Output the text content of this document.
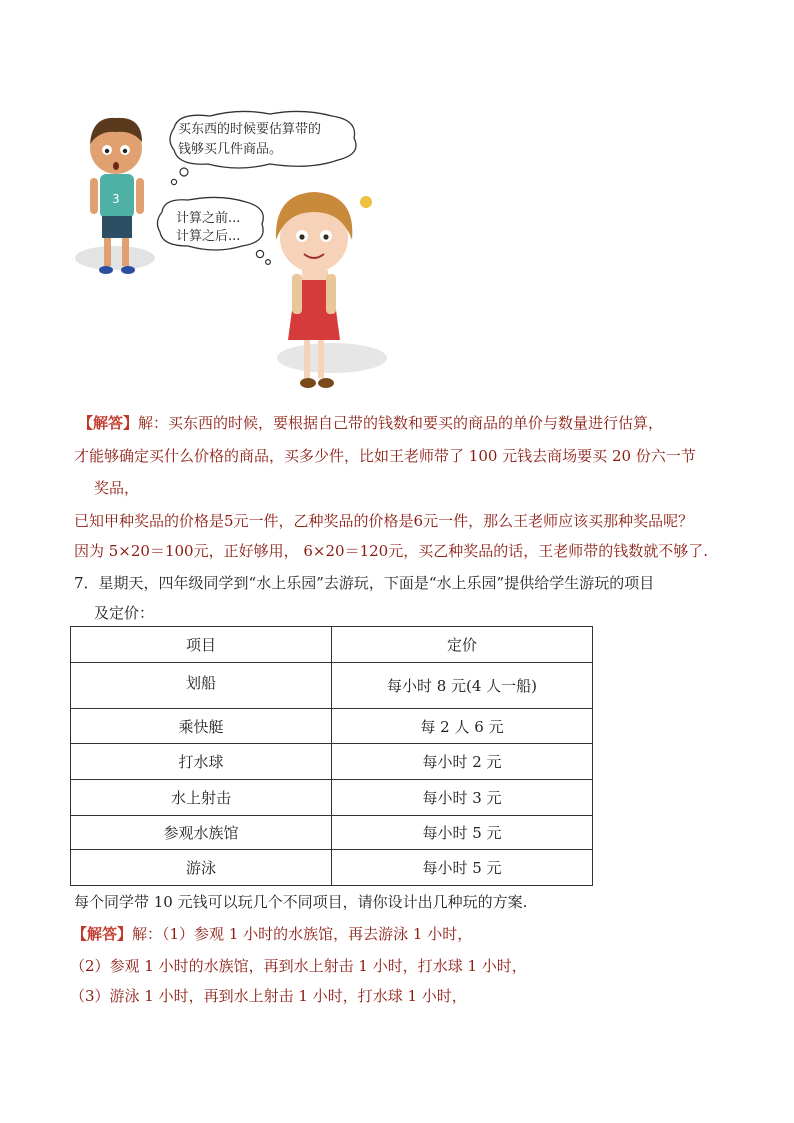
3
买东西的时候要估算带的
钱够买几件商品。
计算之前...
计算之后...
【解答】解：买东西的时候，要根据自己带的钱数和要买的商品的单价与数量进行估算，
才能够确定买什么价格的商品，买多少件，比如王老师带了 100 元钱去商场要买 20 份六一节
奖品，
已知甲种奖品的价格是5元一件，乙种奖品的价格是6元一件，那么王老师应该买那种奖品呢？
因为 5×20＝100元，正好够用， 6×20＝120元，买乙种奖品的话，王老师带的钱数就不够了.
7．星期天，四年级同学到“水上乐园”去游玩，下面是“水上乐园”提供给学生游玩的项目
及定价：
项目	定价
划船	每小时 8 元(4 人一船)
乘快艇	每 2 人 6 元
打水球	每小时 2 元
水上射击	每小时 3 元
参观水族馆	每小时 5 元
游泳	每小时 5 元
每个同学带 10 元钱可以玩几个不同项目，请你设计出几种玩的方案.
【解答】解：（1）参观 1 小时的水族馆，再去游泳 1 小时，
（2）参观 1 小时的水族馆，再到水上射击 1 小时，打水球 1 小时，
（3）游泳 1 小时，再到水上射击 1 小时，打水球 1 小时，
